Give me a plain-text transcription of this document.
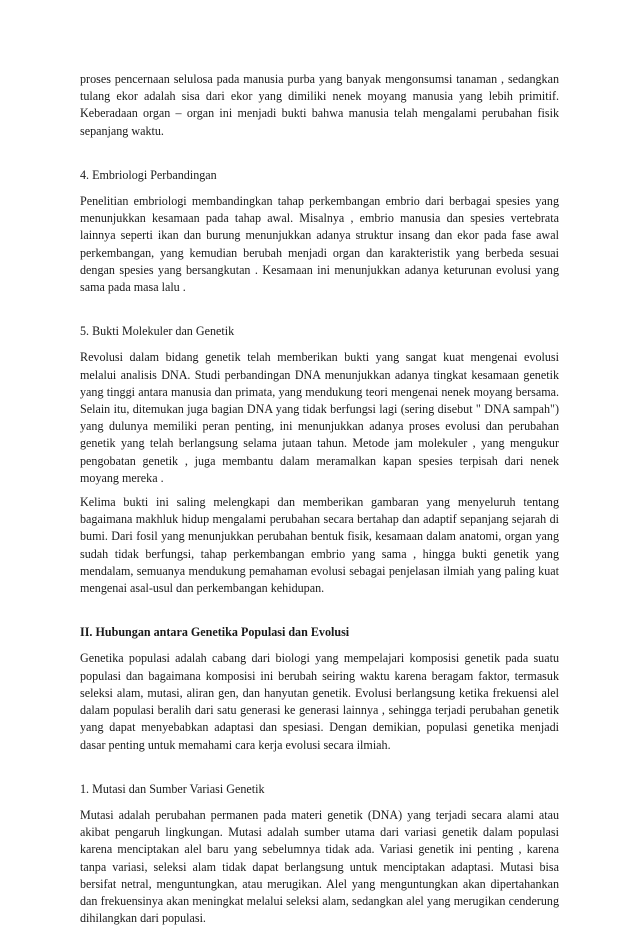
proses pencernaan selulosa pada manusia purba yang banyak mengonsumsi tanaman , sedangkan tulang ekor adalah sisa dari ekor yang dimiliki nenek moyang manusia yang lebih primitif. Keberadaan organ – organ ini menjadi bukti bahwa manusia telah mengalami perubahan fisik sepanjang waktu.

4. Embriologi Perbandingan

Penelitian embriologi membandingkan tahap perkembangan embrio dari berbagai spesies yang menunjukkan kesamaan pada tahap awal. Misalnya , embrio manusia dan spesies vertebrata lainnya seperti ikan dan burung menunjukkan adanya struktur insang dan ekor pada fase awal perkembangan, yang kemudian berubah menjadi organ dan karakteristik yang berbeda sesuai dengan spesies yang bersangkutan . Kesamaan ini menunjukkan adanya keturunan evolusi yang sama pada masa lalu .

5. Bukti Molekuler dan Genetik

Revolusi dalam bidang genetik telah memberikan bukti yang sangat kuat mengenai evolusi melalui analisis DNA. Studi perbandingan DNA menunjukkan adanya tingkat kesamaan genetik yang tinggi antara manusia dan primata, yang mendukung teori mengenai nenek moyang bersama. Selain itu, ditemukan juga bagian DNA yang tidak berfungsi lagi (sering disebut " DNA sampah") yang dulunya memiliki peran penting, ini menunjukkan adanya proses evolusi dan perubahan genetik yang telah berlangsung selama jutaan tahun. Metode jam molekuler , yang mengukur pengobatan genetik , juga membantu dalam meramalkan kapan spesies terpisah dari nenek moyang mereka .

Kelima bukti ini saling melengkapi dan memberikan gambaran yang menyeluruh tentang bagaimana makhluk hidup mengalami perubahan secara bertahap dan adaptif sepanjang sejarah di bumi. Dari fosil yang menunjukkan perubahan bentuk fisik, kesamaan dalam anatomi, organ yang sudah tidak berfungsi, tahap perkembangan embrio yang sama , hingga bukti genetik yang mendalam, semuanya mendukung pemahaman evolusi sebagai penjelasan ilmiah yang paling kuat mengenai asal-usul dan perkembangan kehidupan.

II. Hubungan antara Genetika Populasi dan Evolusi

Genetika populasi adalah cabang dari biologi yang mempelajari komposisi genetik pada suatu populasi dan bagaimana komposisi ini berubah seiring waktu karena beragam faktor, termasuk seleksi alam, mutasi, aliran gen, dan hanyutan genetik. Evolusi berlangsung ketika frekuensi alel dalam populasi beralih dari satu generasi ke generasi lainnya , sehingga terjadi perubahan genetik yang dapat menyebabkan adaptasi dan spesiasi. Dengan demikian, populasi genetika menjadi dasar penting untuk memahami cara kerja evolusi secara ilmiah.

1. Mutasi dan Sumber Variasi Genetik

Mutasi adalah perubahan permanen pada materi genetik (DNA) yang terjadi secara alami atau akibat pengaruh lingkungan. Mutasi adalah sumber utama dari variasi genetik dalam populasi karena menciptakan alel baru yang sebelumnya tidak ada. Variasi genetik ini penting , karena tanpa variasi, seleksi alam tidak dapat berlangsung untuk menciptakan adaptasi. Mutasi bisa bersifat netral, menguntungkan, atau merugikan. Alel yang menguntungkan akan dipertahankan dan frekuensinya akan meningkat melalui seleksi alam, sedangkan alel yang merugikan cenderung dihilangkan dari populasi.
